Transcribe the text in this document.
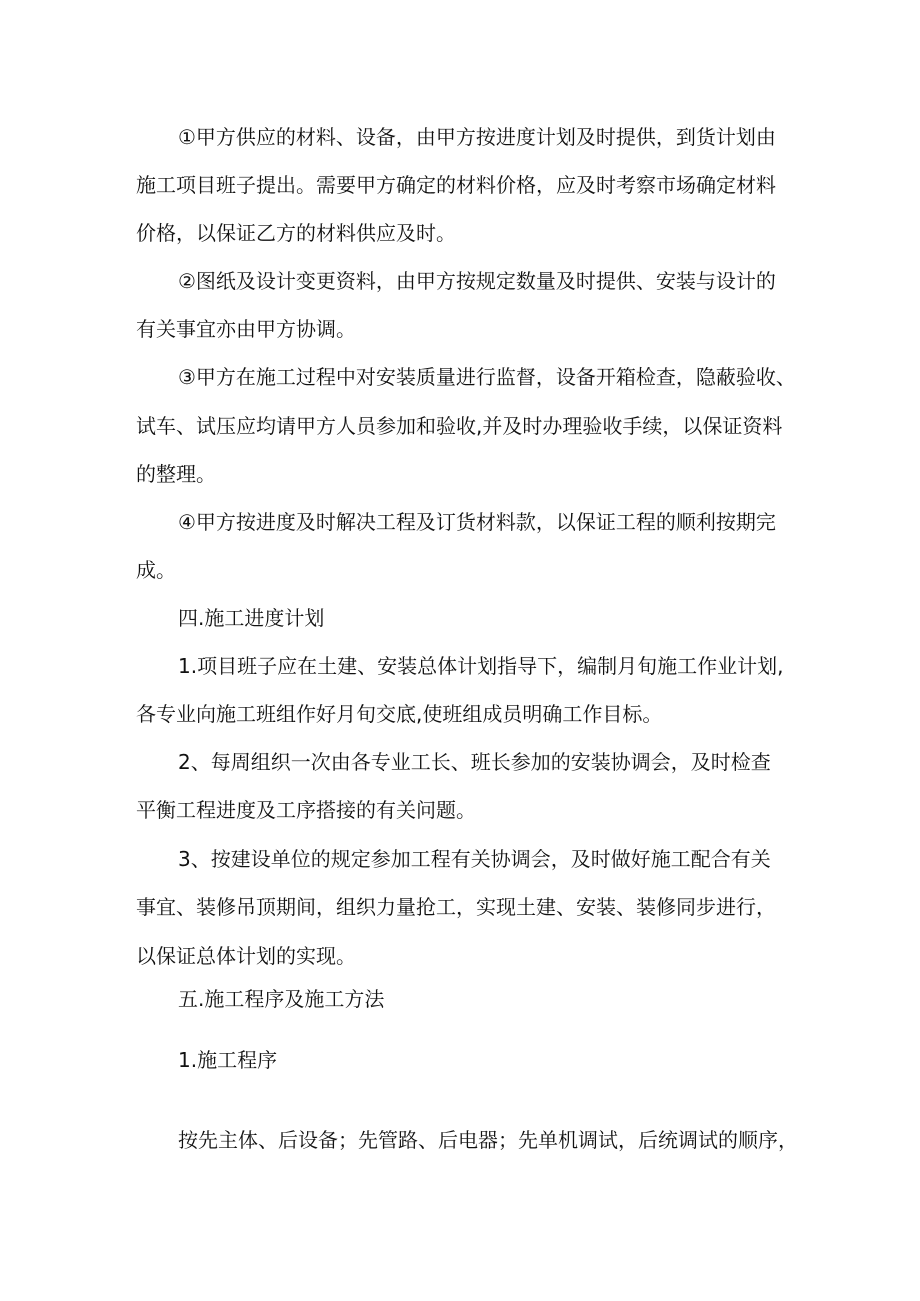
①甲方供应的材料、设备，由甲方按进度计划及时提供，到货计划由

施工项目班子提出。需要甲方确定的材料价格，应及时考察市场确定材料

价格，以保证乙方的材料供应及时。

②图纸及设计变更资料，由甲方按规定数量及时提供、安装与设计的

有关事宜亦由甲方协调。

③甲方在施工过程中对安装质量进行监督，设备开箱检查，隐蔽验收、

试车、试压应均请甲方人员参加和验收,并及时办理验收手续，以保证资料

的整理。

④甲方按进度及时解决工程及订货材料款，以保证工程的顺利按期完

成。

四.施工进度计划

1.项目班子应在土建、安装总体计划指导下，编制月旬施工作业计划,

各专业向施工班组作好月旬交底,使班组成员明确工作目标。

2、每周组织一次由各专业工长、班长参加的安装协调会，及时检查

平衡工程进度及工序搭接的有关问题。

3、按建设单位的规定参加工程有关协调会，及时做好施工配合有关

事宜、装修吊顶期间，组织力量抢工，实现土建、安装、装修同步进行，

以保证总体计划的实现。

五.施工程序及施工方法

1.施工程序

按先主体、后设备；先管路、后电器；先单机调试，后统调试的顺序，
